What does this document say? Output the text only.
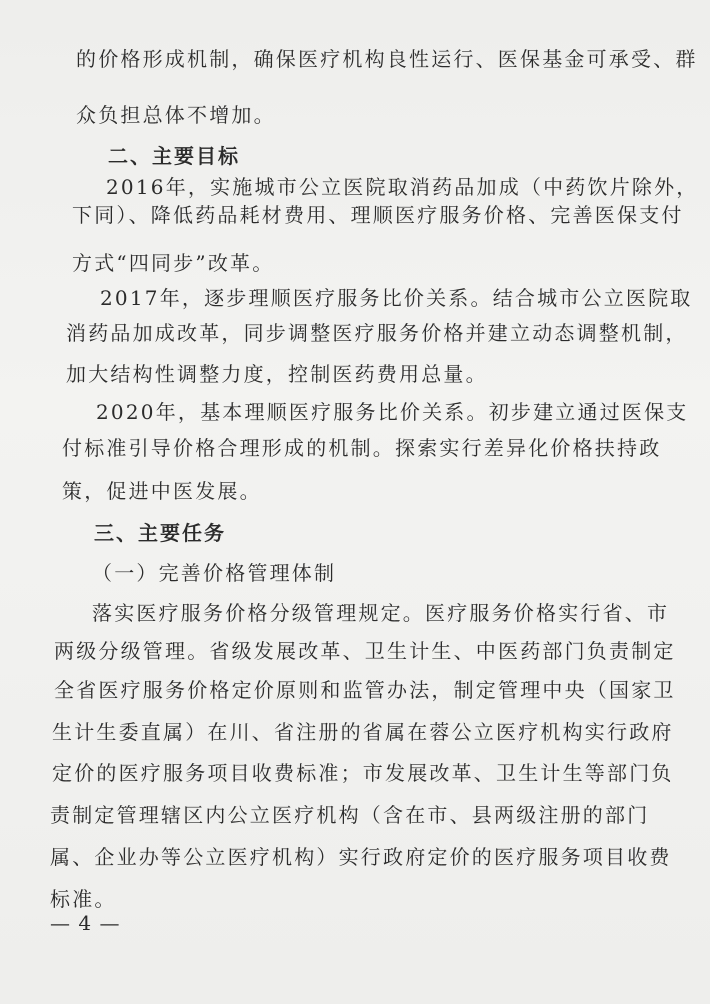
的价格形成机制，确保医疗机构良性运行、医保基金可承受、群
众负担总体不增加。
二、主要目标
2016年，实施城市公立医院取消药品加成（中药饮片除外，
下同）、降低药品耗材费用、理顺医疗服务价格、完善医保支付
方式“四同步”改革。
2017年，逐步理顺医疗服务比价关系。结合城市公立医院取
消药品加成改革，同步调整医疗服务价格并建立动态调整机制，
加大结构性调整力度，控制医药费用总量。
2020年，基本理顺医疗服务比价关系。初步建立通过医保支
付标准引导价格合理形成的机制。探索实行差异化价格扶持政
策，促进中医发展。
三、主要任务
（一）完善价格管理体制
落实医疗服务价格分级管理规定。医疗服务价格实行省、市
两级分级管理。省级发展改革、卫生计生、中医药部门负责制定
全省医疗服务价格定价原则和监管办法，制定管理中央（国家卫
生计生委直属）在川、省注册的省属在蓉公立医疗机构实行政府
定价的医疗服务项目收费标准；市发展改革、卫生计生等部门负
责制定管理辖区内公立医疗机构（含在市、县两级注册的部门
属、企业办等公立医疗机构）实行政府定价的医疗服务项目收费
标准。
— 4 —
